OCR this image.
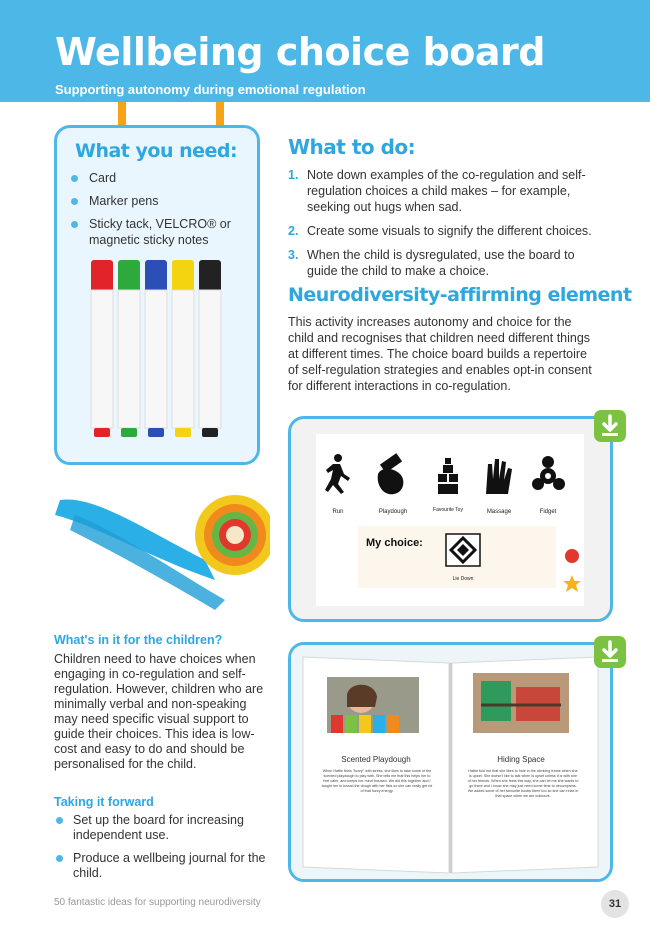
Wellbeing choice board
Supporting autonomy during emotional regulation
What you need:
Card
Marker pens
Sticky tack, VELCRO® or magnetic sticky notes
What to do:
1. Note down examples of the co-regulation and self-regulation choices a child makes – for example, seeking out hugs when sad.
2. Create some visuals to signify the different choices.
3. When the child is dysregulated, use the board to guide the child to make a choice.
Neurodiversity-affirming element
This activity increases autonomy and choice for the child and recognises that children need different things at different times. The choice board builds a repertoire of self-regulation strategies and enables opt-in consent for different interactions in co-regulation.
Run	Playdough	Favourite Toy	Massage	Fidget
My choice:
Lie Down
Scented Playdough
When Hattie feels "fuzzy" with stress, she likes to take some of the scented playdough to play with. She tells me that this helps her to feel calm, and keeps her mind focused. We did this together and I taught her to knead the dough with her fists so she can really get rid of that fuzzy energy.
Hiding Space
Hattie told me that she likes to hide in the climbing frame when she is upset. She doesn't like to talk when is upset unless it is with one of her friends. When she feels this way, she can let me she wants to go there and I know she may just need some time to decompress. We added some of her favourite books there too so she can relax in that space when we are outdoors.
What's in it for the children?
Children need to have choices when engaging in co-regulation and self-regulation. However, children who are minimally verbal and non-speaking may need specific visual support to guide their choices. This idea is low-cost and easy to do and should be personalised for the child.
Taking it forward
Set up the board for increasing independent use.
Produce a wellbeing journal for the child.
50 fantastic ideas for supporting neurodiversity	31
